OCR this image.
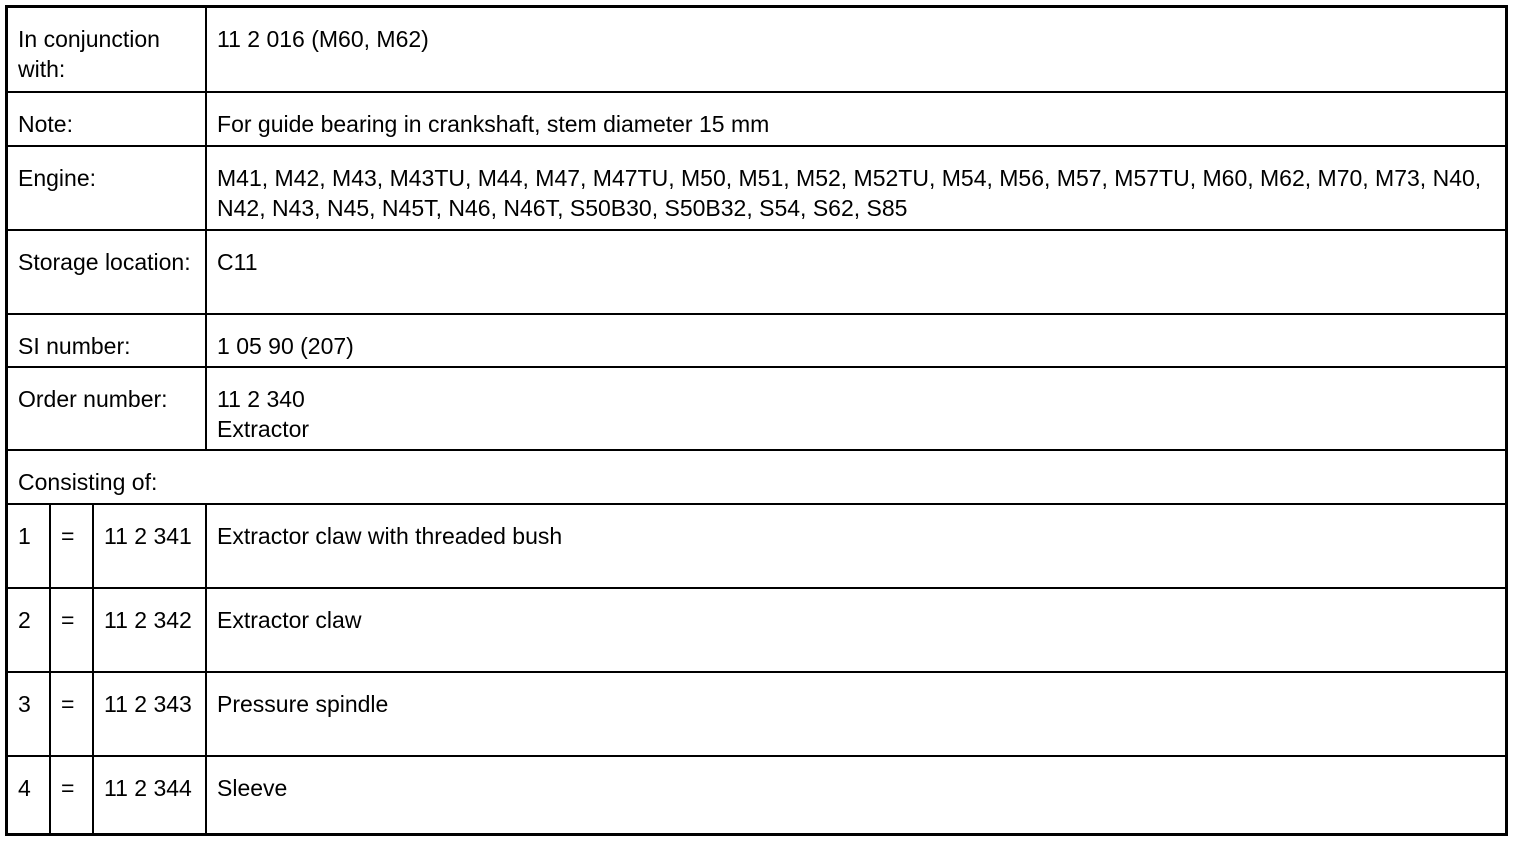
In conjunction with:			11 2 016 (M60, M62)
Note:			For guide bearing in crankshaft, stem diameter 15 mm
Engine:			M41, M42, M43, M43TU, M44, M47, M47TU, M50, M51, M52, M52TU, M54, M56, M57, M57TU, M60, M62, M70, M73, N40, N42, N43, N45, N45T, N46, N46T, S50B30, S50B32, S54, S62, S85
Storage location:			C11
SI number:			1 05 90 (207)
Order number:			11 2 340
Extractor

Consisting of:			
1	=	11 2 341	Extractor claw with threaded bush
2	=	11 2 342	Extractor claw
3	=	11 2 343	Pressure spindle
4	=	11 2 344	Sleeve
